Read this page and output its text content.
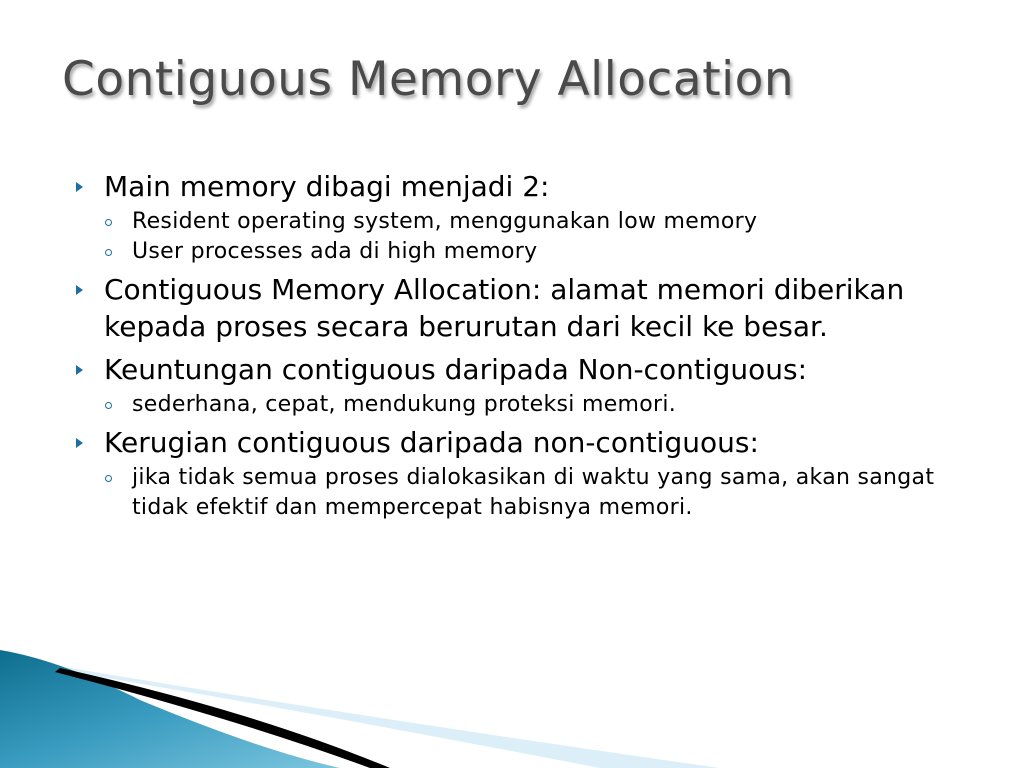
Contiguous Memory Allocation
Main memory dibagi menjadi 2:
Resident operating system, menggunakan low memory
User processes ada di high memory
Contiguous Memory Allocation: alamat memori diberikan kepada proses secara berurutan dari kecil ke besar.
Keuntungan contiguous daripada Non-contiguous:
sederhana, cepat, mendukung proteksi memori.
Kerugian contiguous daripada non-contiguous:
jika tidak semua proses dialokasikan di waktu yang sama, akan sangat tidak efektif dan mempercepat habisnya memori.
